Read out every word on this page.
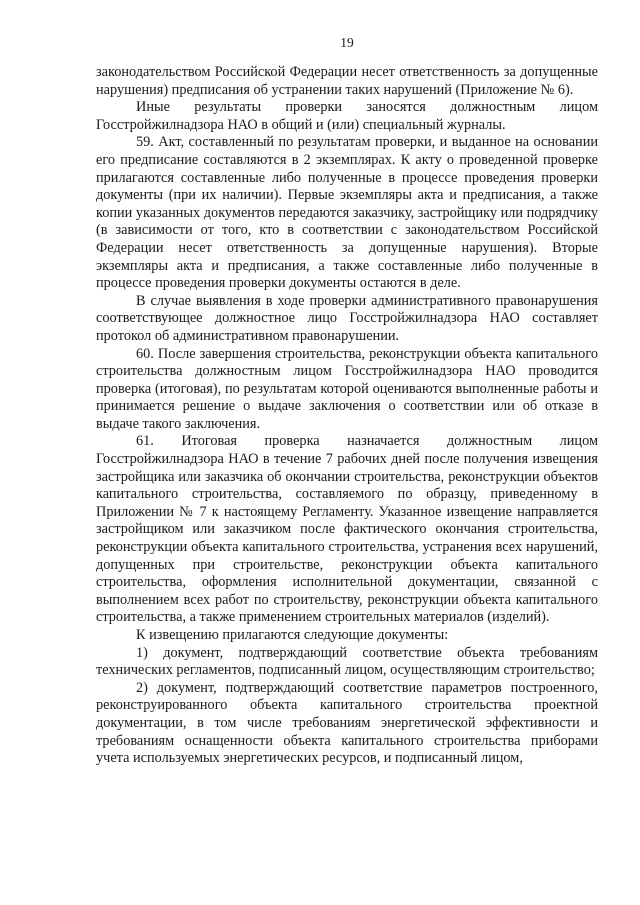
19

законодательством Российской Федерации несет ответственность за допущенные нарушения) предписания об устранении таких нарушений (Приложение № 6).

Иные результаты проверки заносятся должностным лицом Госстройжилнадзора НАО в общий и (или) специальный журналы.

59. Акт, составленный по результатам проверки, и выданное на основании его предписание составляются в 2 экземплярах. К акту о проведенной проверке прилагаются составленные либо полученные в процессе проведения проверки документы (при их наличии). Первые экземпляры акта и предписания, а также копии указанных документов передаются заказчику, застройщику или подрядчику (в зависимости от того, кто в соответствии с законодательством Российской Федерации несет ответственность за допущенные нарушения). Вторые экземпляры акта и предписания, а также составленные либо полученные в процессе проведения проверки документы остаются в деле.

В случае выявления в ходе проверки административного правонарушения соответствующее должностное лицо Госстройжилнадзора НАО составляет протокол об административном правонарушении.

60. После завершения строительства, реконструкции объекта капитального строительства должностным лицом Госстройжилнадзора НАО проводится проверка (итоговая), по результатам которой оцениваются выполненные работы и принимается решение о выдаче заключения о соответствии или об отказе в выдаче такого заключения.

61. Итоговая проверка назначается должностным лицом Госстройжилнадзора НАО в течение 7 рабочих дней после получения извещения застройщика или заказчика об окончании строительства, реконструкции объектов капитального строительства, составляемого по образцу, приведенному в Приложении № 7 к настоящему Регламенту. Указанное извещение направляется застройщиком или заказчиком после фактического окончания строительства, реконструкции объекта капитального строительства, устранения всех нарушений, допущенных при строительстве, реконструкции объекта капитального строительства, оформления исполнительной документации, связанной с выполнением всех работ по строительству, реконструкции объекта капитального строительства, а также применением строительных материалов (изделий).

К извещению прилагаются следующие документы:

1) документ, подтверждающий соответствие объекта требованиям технических регламентов, подписанный лицом, осуществляющим строительство;

2) документ, подтверждающий соответствие параметров построенного, реконструированного объекта капитального строительства проектной документации, в том числе требованиям энергетической эффективности и требованиям оснащенности объекта капитального строительства приборами учета используемых энергетических ресурсов, и подписанный лицом,
